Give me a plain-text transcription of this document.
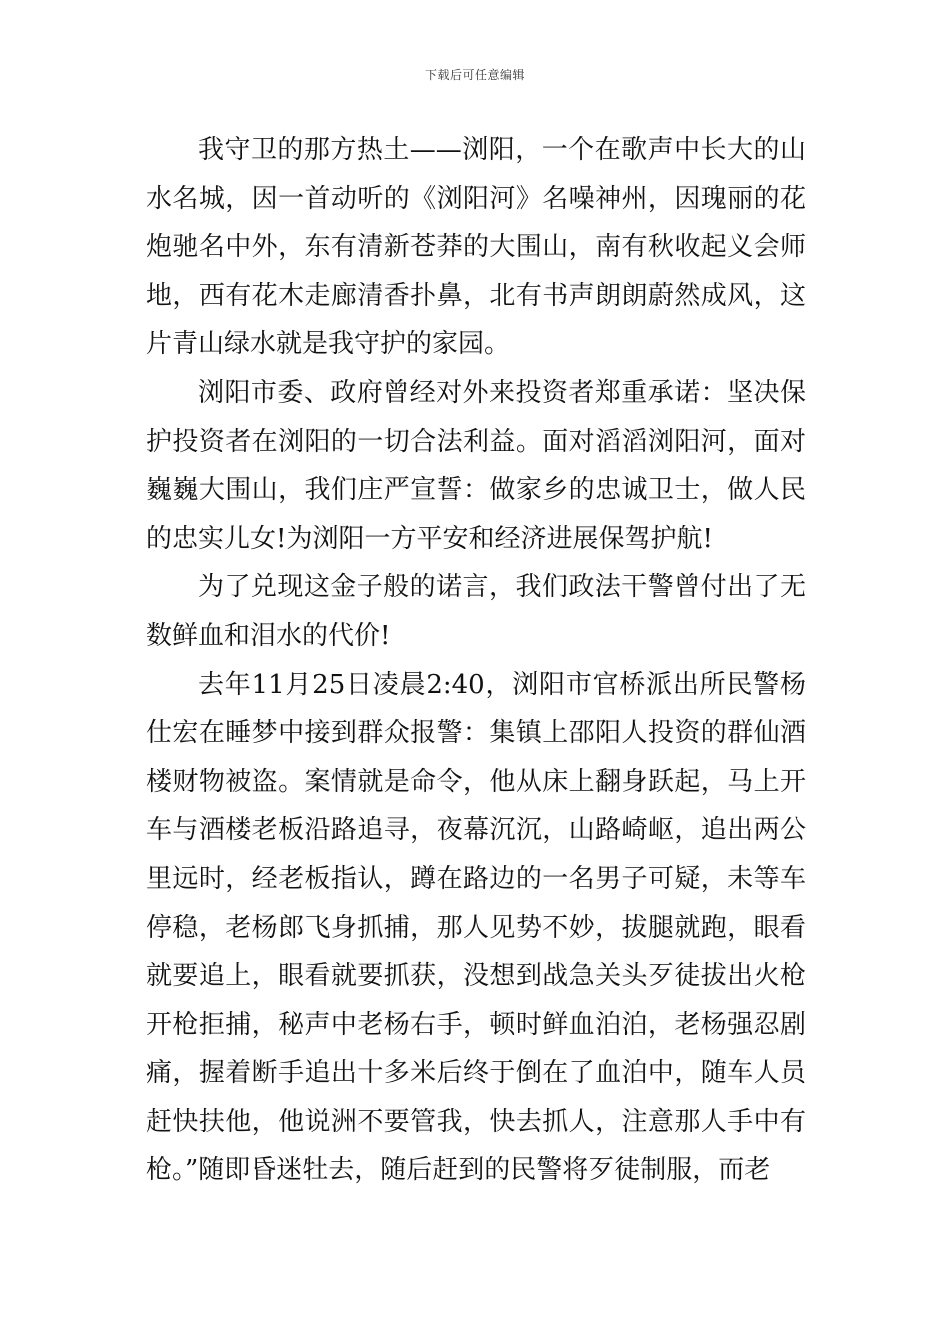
下载后可任意编辑

我守卫的那方热土——浏阳，一个在歌声中长大的山水名城，因一首动听的《浏阳河》名噪神州，因瑰丽的花炮驰名中外，东有清新苍莽的大围山，南有秋收起义会师地，西有花木走廊清香扑鼻，北有书声朗朗蔚然成风，这片青山绿水就是我守护的家园。

浏阳市委、政府曾经对外来投资者郑重承诺：坚决保护投资者在浏阳的一切合法利益。面对滔滔浏阳河，面对巍巍大围山，我们庄严宣誓：做家乡的忠诚卫士，做人民的忠实儿女!为浏阳一方平安和经济进展保驾护航!

为了兑现这金子般的诺言，我们政法干警曾付出了无数鲜血和泪水的代价!

去年11月25日凌晨2:40，浏阳市官桥派出所民警杨仕宏在睡梦中接到群众报警：集镇上邵阳人投资的群仙酒楼财物被盗。案情就是命令，他从床上翻身跃起，马上开车与酒楼老板沿路追寻，夜幕沉沉，山路崎岖，追出两公里远时，经老板指认，蹲在路边的一名男子可疑，未等车停稳，老杨郎飞身抓捕，那人见势不妙，拔腿就跑，眼看就要追上，眼看就要抓获，没想到战急关头歹徒拔出火枪开枪拒捕，秘声中老杨右手，顿时鲜血泊泊，老杨强忍剧痛，握着断手追出十多米后终于倒在了血泊中，随车人员赶快扶他，他说洲不要管我，快去抓人，注意那人手中有枪。”随即昏迷牡去，随后赶到的民警将歹徒制服，而老
